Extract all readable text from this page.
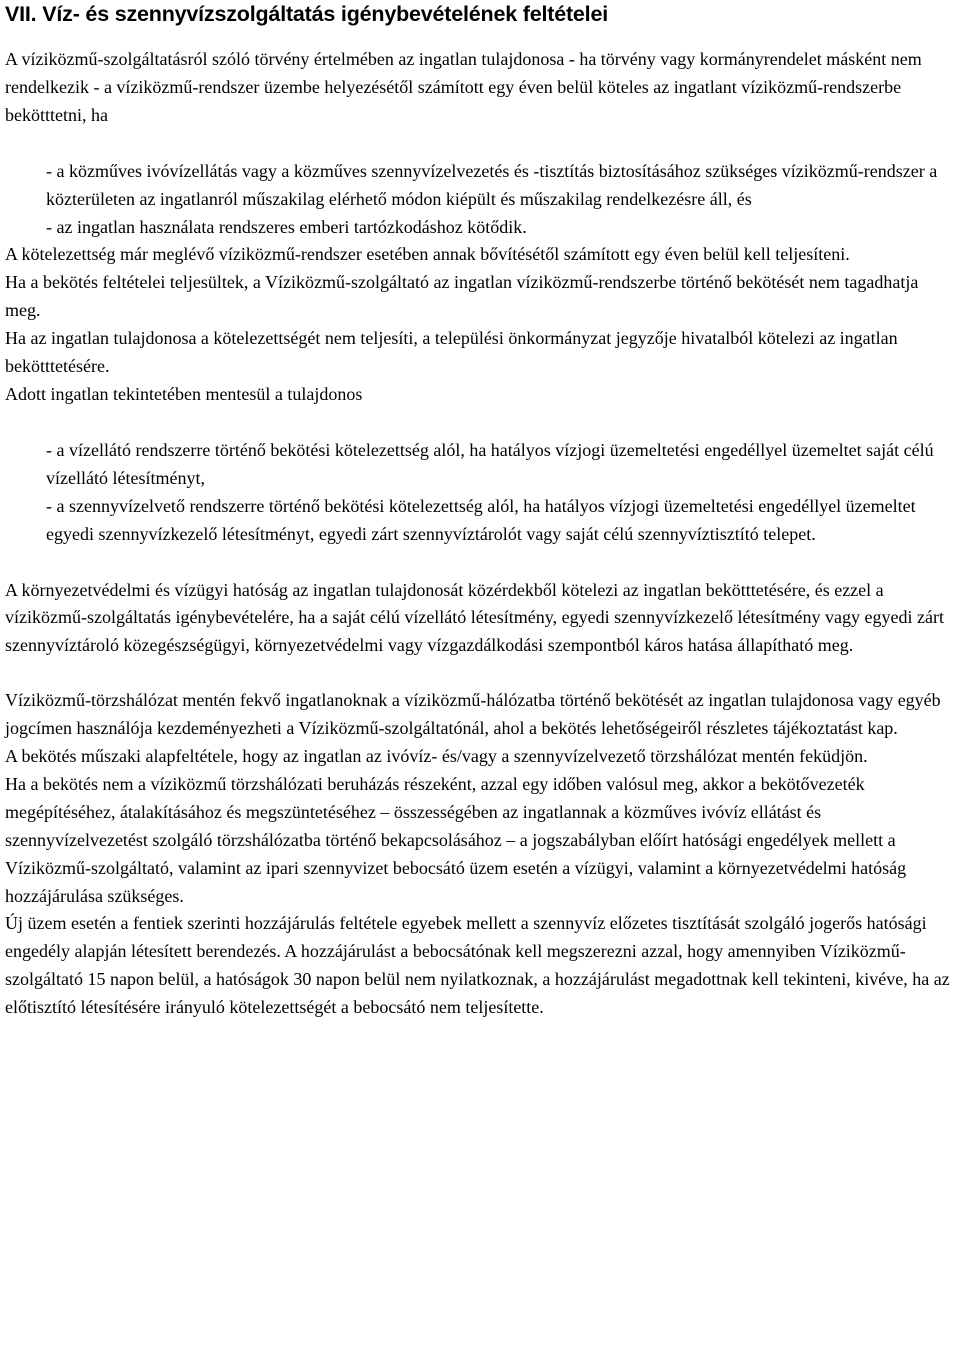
VII. Víz- és szennyvízszolgáltatás igénybevételének feltételei

A víziközmű-szolgáltatásról szóló törvény értelmében az ingatlan tulajdonosa - ha törvény vagy kormányrendelet másként nem rendelkezik - a víziközmű-rendszer üzembe helyezésétől számított egy éven belül köteles az ingatlant víziközmű-rendszerbe bekötttetni, ha

- a közműves ivóvízellátás vagy a közműves szennyvízelvezetés és -tisztítás biztosításához szükséges víziközmű-rendszer a közterületen az ingatlanról műszakilag elérhető módon kiépült és műszakilag rendelkezésre áll, és

- az ingatlan használata rendszeres emberi tartózkodáshoz kötődik.

A kötelezettség már meglévő víziközmű-rendszer esetében annak bővítésétől számított egy éven belül kell teljesíteni.

Ha a bekötés feltételei teljesültek, a Víziközmű-szolgáltató az ingatlan víziközmű-rendszerbe történő bekötését nem tagadhatja meg.

Ha az ingatlan tulajdonosa a kötelezettségét nem teljesíti, a települési önkormányzat jegyzője hivatalból kötelezi az ingatlan bekötttetésére.

Adott ingatlan tekintetében mentesül a tulajdonos

- a vízellátó rendszerre történő bekötési kötelezettség alól, ha hatályos vízjogi üzemeltetési engedéllyel üzemeltet saját célú vízellátó létesítményt,

- a szennyvízelvető rendszerre történő bekötési kötelezettség alól, ha hatályos vízjogi üzemeltetési engedéllyel üzemeltet egyedi szennyvízkezelő létesítményt, egyedi zárt szennyvíztárolót vagy saját célú szennyvíztisztító telepet.

A környezetvédelmi és vízügyi hatóság az ingatlan tulajdonosát közérdekből kötelezi az ingatlan bekötttetésére, és ezzel a víziközmű-szolgáltatás igénybevételére, ha a saját célú vízellátó létesítmény, egyedi szennyvízkezelő létesítmény vagy egyedi zárt szennyvíztároló közegészségügyi, környezetvédelmi vagy vízgazdálkodási szempontból káros hatása állapítható meg.

Víziközmű-törzshálózat mentén fekvő ingatlanoknak a víziközmű-hálózatba történő bekötését az ingatlan tulajdonosa vagy egyéb jogcímen használója kezdeményezheti a Víziközmű-szolgáltatónál, ahol a bekötés lehetőségeiről részletes tájékoztatást kap.

A bekötés műszaki alapfeltétele, hogy az ingatlan az ivóvíz- és/vagy a szennyvízelvezető törzshálózat mentén feküdjön.

Ha a bekötés nem a víziközmű törzshálózati beruházás részeként, azzal egy időben valósul meg, akkor a bekötővezeték megépítéséhez, átalakításához és megszüntetéséhez – összességében az ingatlannak a közműves ivóvíz ellátást és szennyvízelvezetést szolgáló törzshálózatba történő bekapcsolásához – a jogszabályban előírt hatósági engedélyek mellett a Víziközmű-szolgáltató, valamint az ipari szennyvizet bebocsátó üzem esetén a vízügyi, valamint a környezetvédelmi hatóság hozzájárulása szükséges.

Új üzem esetén a fentiek szerinti hozzájárulás feltétele egyebek mellett a szennyvíz előzetes tisztítását szolgáló jogerős hatósági engedély alapján létesített berendezés. A hozzájárulást a bebocsátónak kell megszerezni azzal, hogy amennyiben Víziközmű-szolgáltató 15 napon belül, a hatóságok 30 napon belül nem nyilatkoznak, a hozzájárulást megadottnak kell tekinteni, kivéve, ha az előtisztító létesítésére irányuló kötelezettségét a bebocsátó nem teljesítette.
